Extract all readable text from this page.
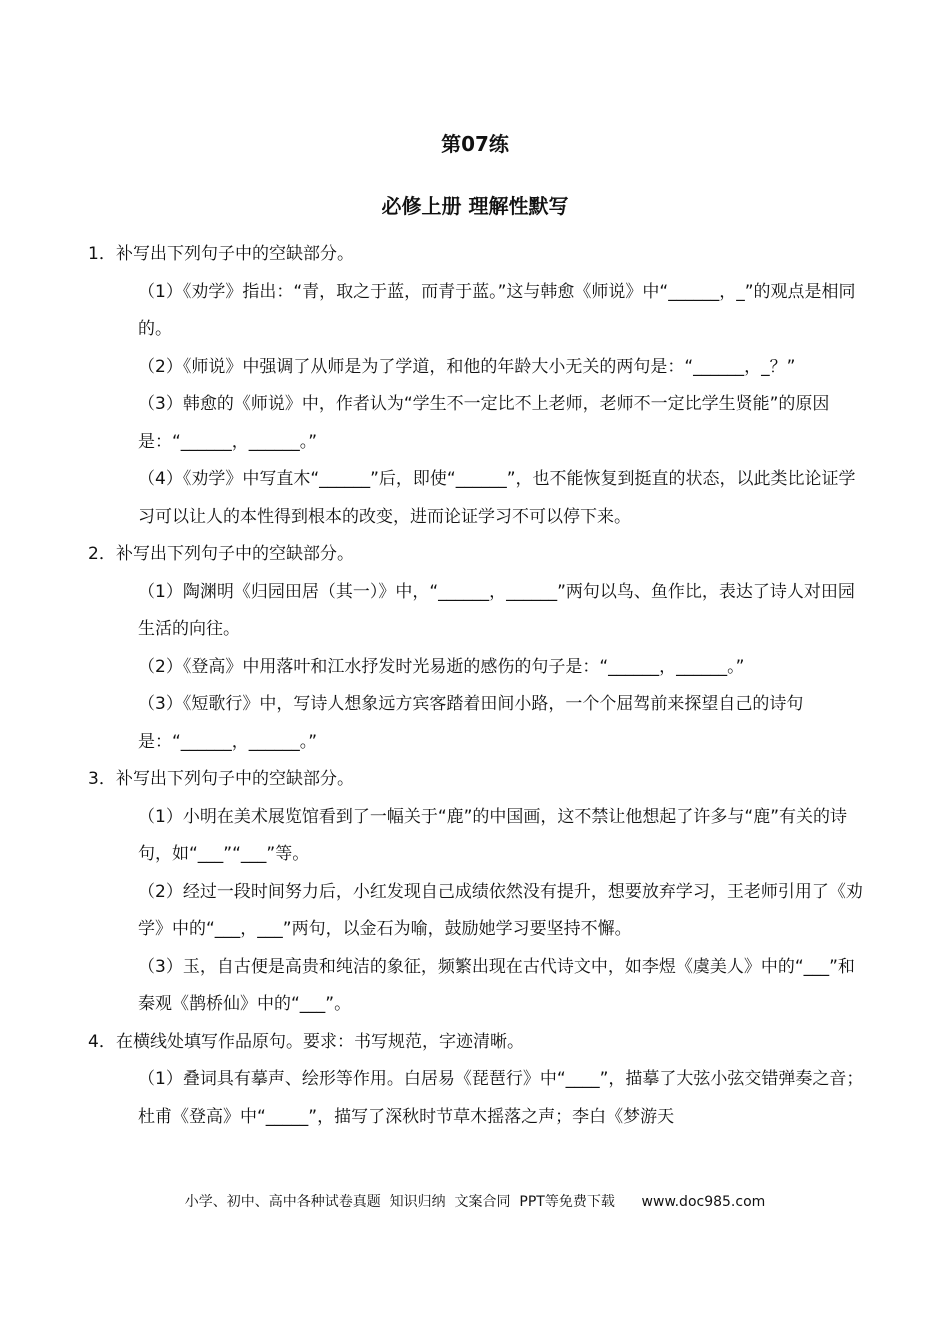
第07练
必修上册 理解性默写
1． 补写出下列句子中的空缺部分。

（1）《劝学》指出：“青，取之于蓝，而青于蓝。”这与韩愈《师说》中“______，_”的观点是相同的。

（2）《师说》中强调了从师是为了学道，和他的年龄大小无关的两句是：“______，_？”

（3）韩愈的《师说》中，作者认为“学生不一定比不上老师，老师不一定比学生贤能”的原因是：“______，______。”

（4）《劝学》中写直木“______”后，即使“______”，也不能恢复到挺直的状态，以此类比论证学习可以让人的本性得到根本的改变，进而论证学习不可以停下来。

2． 补写出下列句子中的空缺部分。

（1）陶渊明《归园田居（其一）》中，“______，______”两句以鸟、鱼作比，表达了诗人对田园生活的向往。

（2）《登高》中用落叶和江水抒发时光易逝的感伤的句子是：“______，______。”

（3）《短歌行》中，写诗人想象远方宾客踏着田间小路，一个个屈驾前来探望自己的诗句是：“______，______。”

3． 补写出下列句子中的空缺部分。

（1）小明在美术展览馆看到了一幅关于“鹿”的中国画，这不禁让他想起了许多与“鹿”有关的诗句，如“___”“___”等。

（2）经过一段时间努力后，小红发现自己成绩依然没有提升，想要放弃学习，王老师引用了《劝学》中的“___，___”两句，以金石为喻，鼓励她学习要坚持不懈。

（3）玉，自古便是高贵和纯洁的象征，频繁出现在古代诗文中，如李煜《虞美人》中的“___”和秦观《鹊桥仙》中的“___”。

4． 在横线处填写作品原句。要求：书写规范，字迹清晰。

（1）叠词具有摹声、绘形等作用。白居易《琵琶行》中“____”，描摹了大弦小弦交错弹奏之音；杜甫《登高》中“_____”，描写了深秋时节草木摇落之声；李白《梦游天

小学、初中、高中各种试卷真题  知识归纳  文案合同  PPT等免费下载      www.doc985.com
